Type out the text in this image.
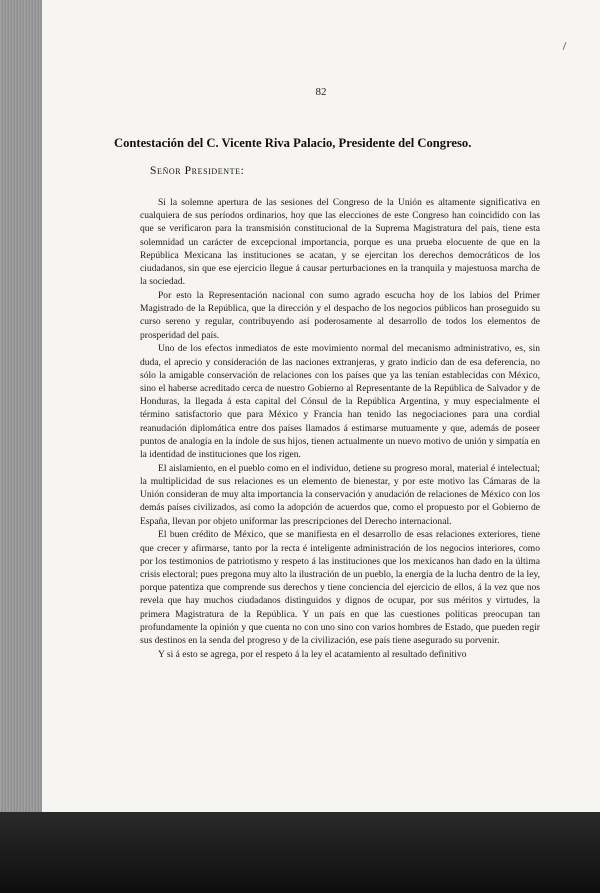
82
Contestación del C. Vicente Riva Palacio, Presidente del Congreso.
Señor Presidente:

Si la solemne apertura de las sesiones del Congreso de la Unión es altamente significativa en cualquiera de sus períodos ordinarios, hoy que las elecciones de este Congreso han coincidido con las que se verificaron para la transmisión constitucional de la Suprema Magistratura del país, tiene esta solemnidad un carácter de excepcional importancia, porque es una prueba elocuente de que en la República Mexicana las instituciones se acatan, y se ejercitan los derechos democráticos de los ciudadanos, sin que ese ejercicio llegue á causar perturbaciones en la tranquila y majestuosa marcha de la sociedad.

Por esto la Representación nacional con sumo agrado escucha hoy de los labios del Primer Magistrado de la República, que la dirección y el despacho de los negocios públicos han proseguido su curso sereno y regular, contribuyendo así poderosamente al desarrollo de todos los elementos de prosperidad del país.

Uno de los efectos inmediatos de este movimiento normal del mecanismo administrativo, es, sin duda, el aprecio y consideración de las naciones extranjeras, y grato indicio dan de esa deferencia, no sólo la amigable conservación de relaciones con los países que ya las tenían establecidas con México, sino el haberse acreditado cerca de nuestro Gobierno al Representante de la República de Salvador y de Honduras, la llegada á esta capital del Cónsul de la República Argentina, y muy especialmente el término satisfactorio que para México y Francia han tenido las negociaciones para una cordial reanudación diplomática entre dos países llamados á estimarse mutuamente y que, además de poseer puntos de analogía en la índole de sus hijos, tienen actualmente un nuevo motivo de unión y simpatía en la identidad de instituciones que los rigen.

El aislamiento, en el pueblo como en el individuo, detiene su progreso moral, material é intelectual; la multiplicidad de sus relaciones es un elemento de bienestar, y por este motivo las Cámaras de la Unión consideran de muy alta importancia la conservación y anudación de relaciones de México con los demás países civilizados, así como la adopción de acuerdos que, como el propuesto por el Gobierno de España, llevan por objeto uniformar las prescripciones del Derecho internacional.

El buen crédito de México, que se manifiesta en el desarrollo de esas relaciones exteriores, tiene que crecer y afirmarse, tanto por la recta é inteligente administración de los negocios interiores, como por los testimonios de patriotismo y respeto á las instituciones que los mexicanos han dado en la última crisis electoral; pues pregona muy alto la ilustración de un pueblo, la energía de la lucha dentro de la ley, porque patentiza que comprende sus derechos y tiene conciencia del ejercicio de ellos, á la vez que nos revela que hay muchos ciudadanos distinguidos y dignos de ocupar, por sus méritos y virtudes, la primera Magistratura de la República. Y un país en que las cuestiones políticas preocupan tan profundamente la opinión y que cuenta no con uno sino con varios hombres de Estado, que pueden regir sus destinos en la senda del progreso y de la civilización, ese país tiene asegurado su porvenir.

Y si á esto se agrega, por el respeto á la ley el acatamiento al resultado definitivo
